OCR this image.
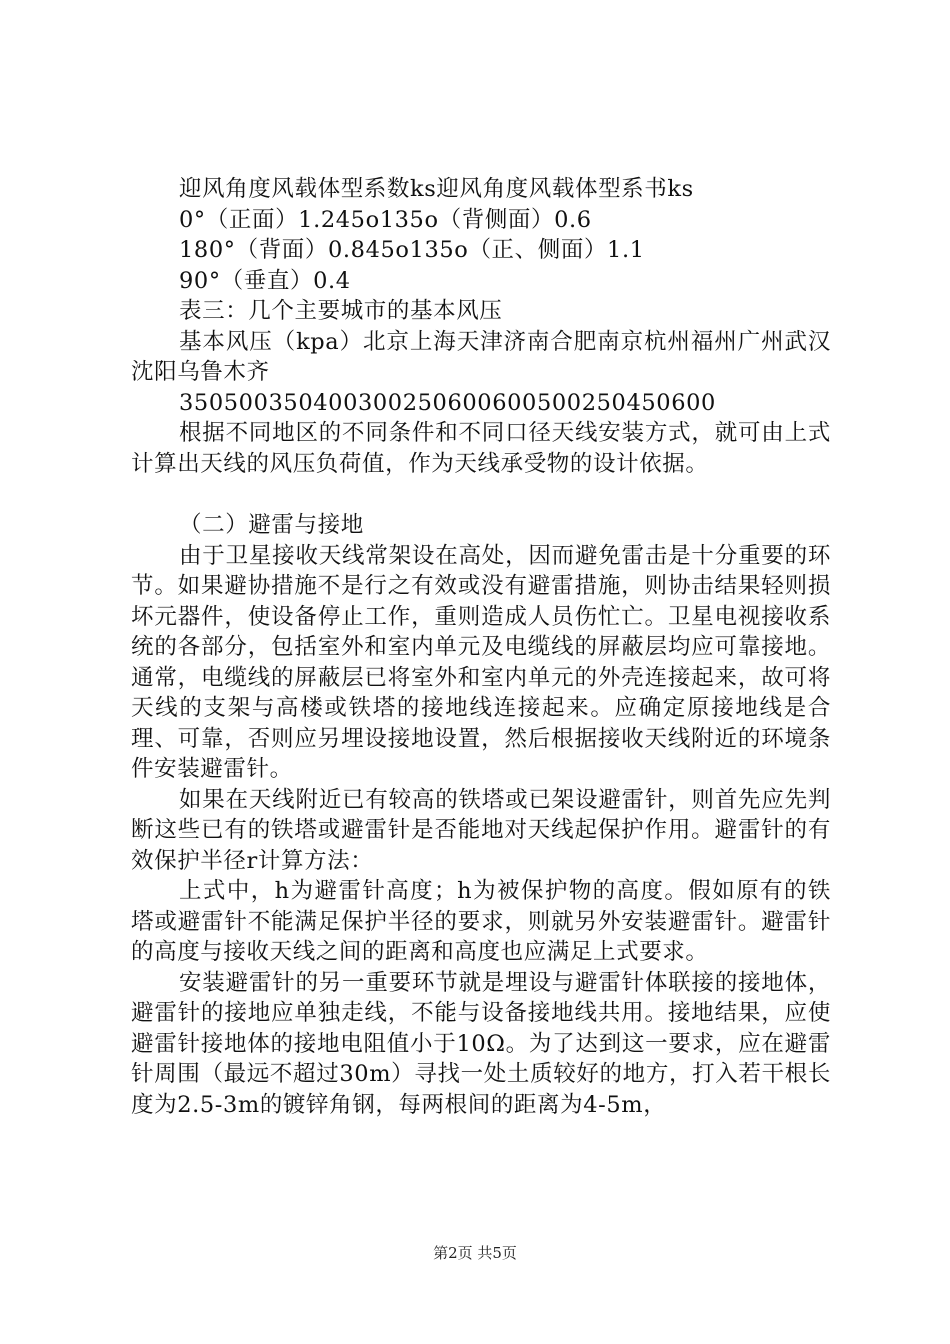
迎风角度风载体型系数ks迎风角度风载体型系书ks

0°（正面）1.245o135o（背侧面）0.6

180°（背面）0.845o135o（正、侧面）1.1

90°（垂直）0.4

表三：几个主要城市的基本风压

基本风压（kpa）北京上海天津济南合肥南京杭州福州广州武汉沈阳乌鲁木齐

350500350400300250600600500250450600

根据不同地区的不同条件和不同口径天线安装方式，就可由上式计算出天线的风压负荷值，作为天线承受物的设计依据。

（二）避雷与接地

由于卫星接收天线常架设在高处，因而避免雷击是十分重要的环节。如果避协措施不是行之有效或没有避雷措施，则协击结果轻则损坏元器件，使设备停止工作，重则造成人员伤忙亡。卫星电视接收系统的各部分，包括室外和室内单元及电缆线的屏蔽层均应可靠接地。通常，电缆线的屏蔽层已将室外和室内单元的外壳连接起来，故可将天线的支架与高楼或铁塔的接地线连接起来。应确定原接地线是合理、可靠，否则应另埋设接地设置，然后根据接收天线附近的环境条件安装避雷针。

如果在天线附近已有较高的铁塔或已架设避雷针，则首先应先判断这些已有的铁塔或避雷针是否能地对天线起保护作用。避雷针的有效保护半径r计算方法：

上式中，h为避雷针高度；h为被保护物的高度。假如原有的铁塔或避雷针不能满足保护半径的要求，则就另外安装避雷针。避雷针的高度与接收天线之间的距离和高度也应满足上式要求。

安装避雷针的另一重要环节就是埋设与避雷针体联接的接地体，避雷针的接地应单独走线，不能与设备接地线共用。接地结果，应使避雷针接地体的接地电阻值小于10Ω。为了达到这一要求，应在避雷针周围（最远不超过30m）寻找一处土质较好的地方，打入若干根长度为2.5-3m的镀锌角钢，每两根间的距离为4-5m，

第2页 共5页
